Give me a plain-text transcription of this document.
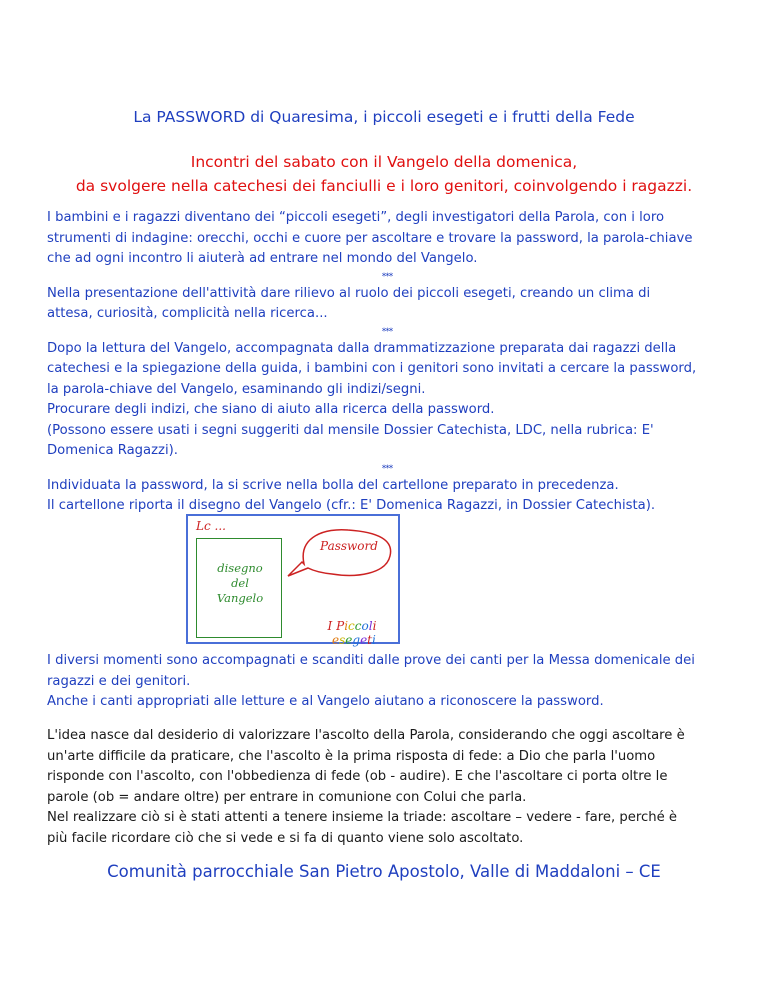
La PASSWORD di Quaresima, i piccoli esegeti e i frutti della Fede
Incontri del sabato con il Vangelo della domenica,
da svolgere nella catechesi dei fanciulli e i loro genitori, coinvolgendo i ragazzi.
I bambini e i ragazzi diventano dei “piccoli esegeti”, degli investigatori della Parola, con i loro
strumenti di indagine: orecchi, occhi e cuore per ascoltare e trovare la password, la parola-chiave
che ad ogni incontro li aiuterà ad entrare nel mondo del Vangelo.
***
Nella presentazione dell'attività dare rilievo al ruolo dei piccoli esegeti, creando un clima di
attesa, curiosità, complicità nella ricerca...
***
Dopo la lettura del Vangelo, accompagnata dalla drammatizzazione preparata dai ragazzi della
catechesi e la spiegazione della guida, i bambini con i genitori sono invitati a cercare la password,
la parola-chiave del Vangelo, esaminando gli indizi/segni.
Procurare degli indizi, che siano di aiuto alla ricerca della password.
(Possono essere usati i segni suggeriti dal mensile Dossier Catechista, LDC, nella rubrica: E'
Domenica Ragazzi).
***
Individuata la password, la si scrive nella bolla del cartellone preparato in precedenza.
Il cartellone riporta il disegno del Vangelo (cfr.: E' Domenica Ragazzi, in Dossier Catechista).
Lc ...
disegno
del
Vangelo
Password
I Piccoli esegeti
I diversi momenti sono accompagnati e scanditi dalle prove dei canti per la Messa domenicale dei
ragazzi e dei genitori.
Anche i canti appropriati alle letture e al Vangelo aiutano a riconoscere la password.
L'idea nasce dal desiderio di valorizzare l'ascolto della Parola, considerando che oggi ascoltare è
un'arte difficile da praticare, che l'ascolto è la prima risposta di fede: a Dio che parla l'uomo
risponde con l'ascolto, con l'obbedienza di fede (ob - audire). E che l'ascoltare ci porta oltre le
parole (ob = andare oltre) per entrare in comunione con Colui che parla.
Nel realizzare ciò si è stati attenti a tenere insieme la triade: ascoltare – vedere - fare, perché è
più facile ricordare ciò che si vede e si fa di quanto viene solo ascoltato.
Comunità parrocchiale San Pietro Apostolo, Valle di Maddaloni – CE
